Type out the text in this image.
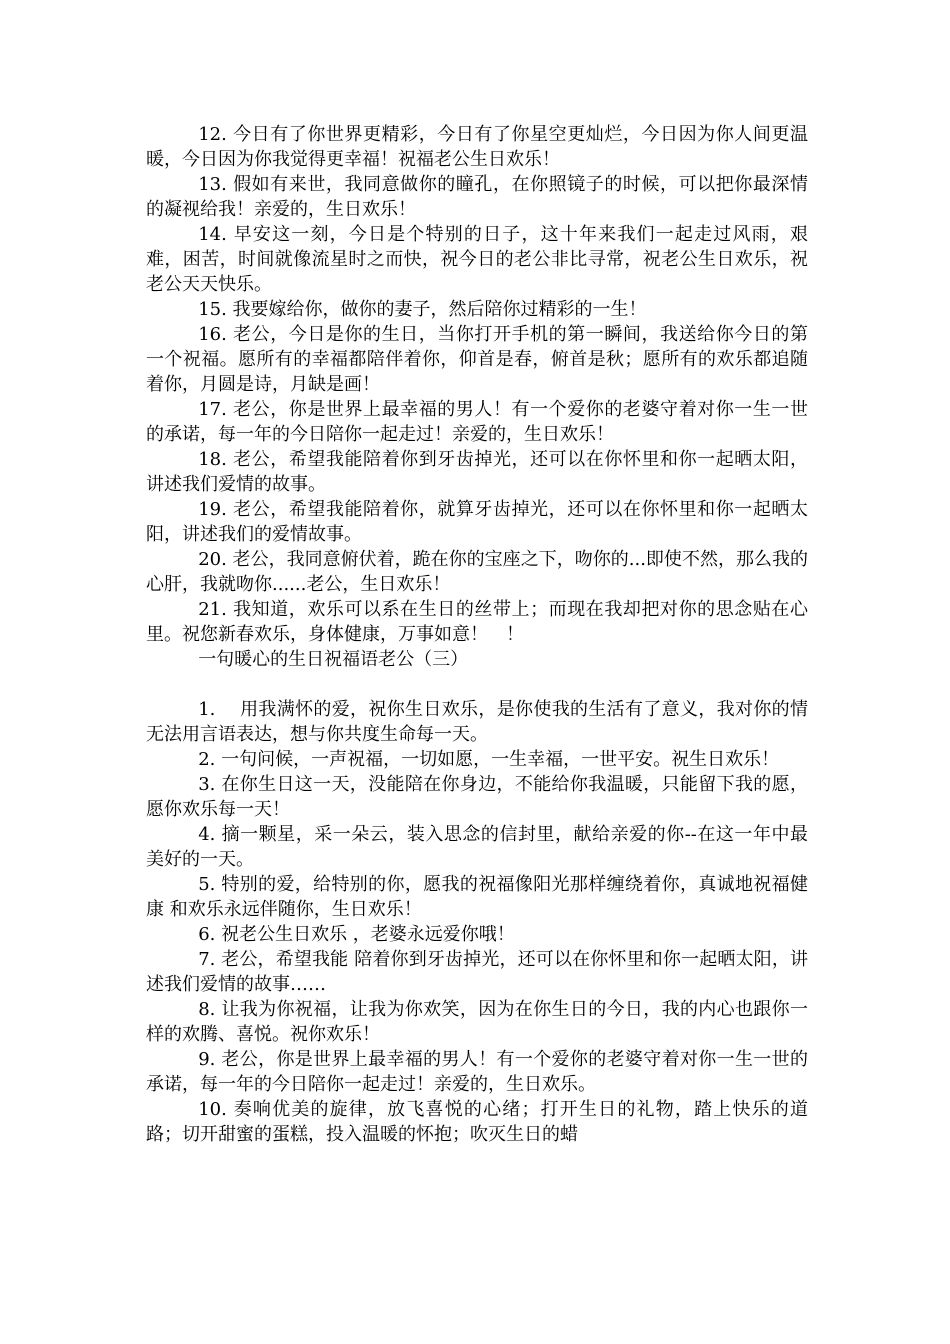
12. 今日有了你世界更精彩，今日有了你星空更灿烂，今日因为你人间更温暖，今日因为你我觉得更幸福！祝福老公生日欢乐！

13. 假如有来世，我同意做你的瞳孔，在你照镜子的时候，可以把你最深情的凝视给我！亲爱的，生日欢乐！

14. 早安这一刻，今日是个特别的日子，这十年来我们一起走过风雨，艰难，困苦，时间就像流星时之而快，祝今日的老公非比寻常，祝老公生日欢乐，祝老公天天快乐。

15. 我要嫁给你，做你的妻子，然后陪你过精彩的一生！

16. 老公，今日是你的生日，当你打开手机的第一瞬间，我送给你今日的第一个祝福。愿所有的幸福都陪伴着你，仰首是春，俯首是秋；愿所有的欢乐都追随着你，月圆是诗，月缺是画！

17. 老公，你是世界上最幸福的男人！有一个爱你的老婆守着对你一生一世的承诺，每一年的今日陪你一起走过！亲爱的，生日欢乐！

18. 老公，希望我能陪着你到牙齿掉光，还可以在你怀里和你一起晒太阳，讲述我们爱情的故事。

19. 老公，希望我能陪着你，就算牙齿掉光，还可以在你怀里和你一起晒太阳，讲述我们的爱情故事。

20. 老公，我同意俯伏着，跪在你的宝座之下，吻你的...即使不然，那么我的心肝，我就吻你......老公，生日欢乐！

21. 我知道，欢乐可以系在生日的丝带上；而现在我却把对你的思念贴在心里。祝您新春欢乐，身体健康，万事如意！　！

一句暖心的生日祝福语老公（三）

1.　 用我满怀的爱，祝你生日欢乐，是你使我的生活有了意义，我对你的情无法用言语表达，想与你共度生命每一天。

2. 一句问候，一声祝福，一切如愿，一生幸福，一世平安。祝生日欢乐！

3. 在你生日这一天，没能陪在你身边，不能给你我温暖，只能留下我的愿，愿你欢乐每一天！

4. 摘一颗星，采一朵云，装入思念的信封里，献给亲爱的你--在这一年中最美好的一天。

5. 特别的爱，给特别的你，愿我的祝福像阳光那样缠绕着你，真诚地祝福健康 和欢乐永远伴随你，生日欢乐！

6. 祝老公生日欢乐 ，老婆永远爱你哦！

7. 老公，希望我能 陪着你到牙齿掉光，还可以在你怀里和你一起晒太阳，讲述我们爱情的故事……

8. 让我为你祝福，让我为你欢笑，因为在你生日的今日，我的内心也跟你一样的欢腾、喜悦。祝你欢乐！

9. 老公，你是世界上最幸福的男人！有一个爱你的老婆守着对你一生一世的承诺，每一年的今日陪你一起走过！亲爱的，生日欢乐。

10. 奏响优美的旋律，放飞喜悦的心绪；打开生日的礼物，踏上快乐的道路；切开甜蜜的蛋糕，投入温暖的怀抱；吹灭生日的蜡
